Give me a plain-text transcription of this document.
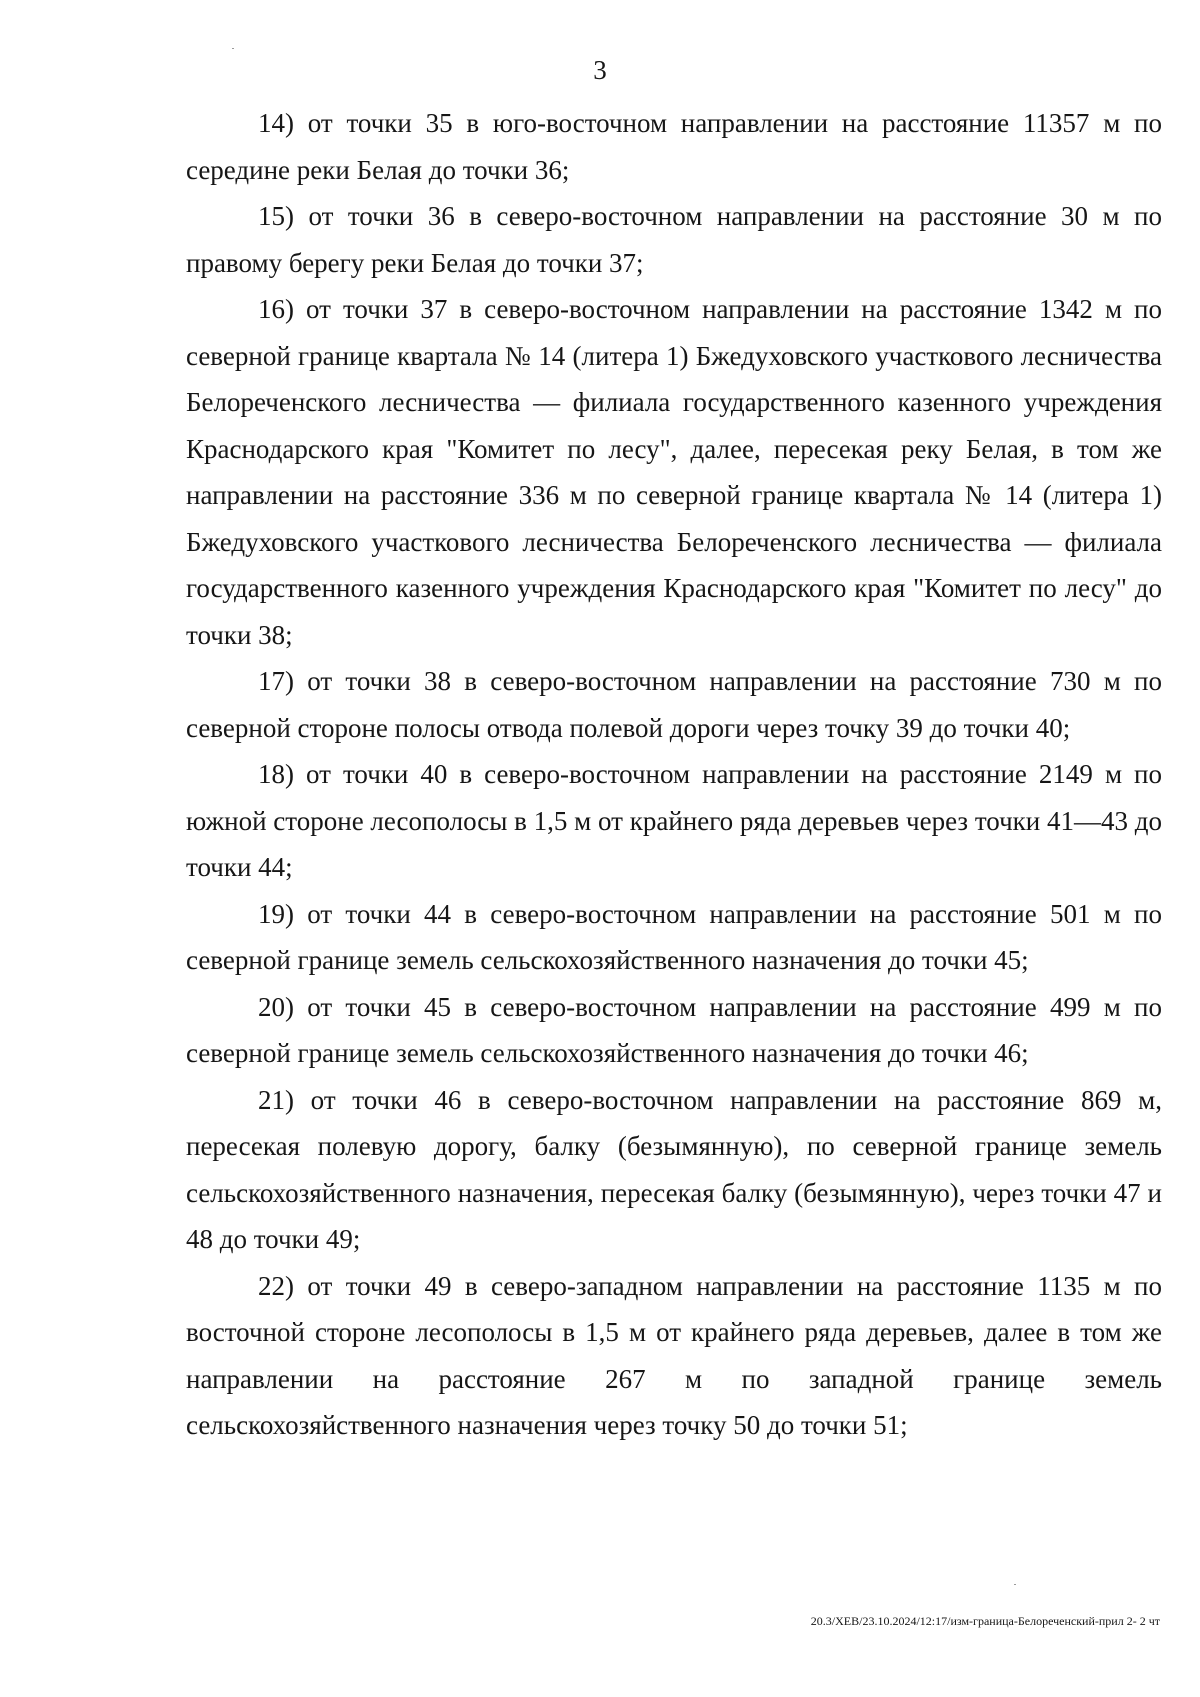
3

14) от точки 35 в юго-восточном направлении на расстояние 11357 м по середине реки Белая до точки 36;

15) от точки 36 в северо-восточном направлении на расстояние 30 м по правому берегу реки Белая до точки 37;

16) от точки 37 в северо-восточном направлении на расстояние 1342 м по северной границе квартала № 14 (литера 1) Бжедуховского участкового лесничества Белореченского лесничества — филиала государственного казенного учреждения Краснодарского края "Комитет по лесу", далее, пересекая реку Белая, в том же направлении на расстояние 336 м по северной границе квартала № 14 (литера 1) Бжедуховского участкового лесничества Белореченского лесничества — филиала государственного казенного учреждения Краснодарского края "Комитет по лесу" до точки 38;

17) от точки 38 в северо-восточном направлении на расстояние 730 м по северной стороне полосы отвода полевой дороги через точку 39 до точки 40;

18) от точки 40 в северо-восточном направлении на расстояние 2149 м по южной стороне лесополосы в 1,5 м от крайнего ряда деревьев через точки 41—43 до точки 44;

19) от точки 44 в северо-восточном направлении на расстояние 501 м по северной границе земель сельскохозяйственного назначения до точки 45;

20) от точки 45 в северо-восточном направлении на расстояние 499 м по северной границе земель сельскохозяйственного назначения до точки 46;

21) от точки 46 в северо-восточном направлении на расстояние 869 м, пересекая полевую дорогу, балку (безымянную), по северной границе земель сельскохозяйственного назначения, пересекая балку (безымянную), через точки 47 и 48 до точки 49;

22) от точки 49 в северо-западном направлении на расстояние 1135 м по восточной стороне лесополосы в 1,5 м от крайнего ряда деревьев, далее в том же направлении на расстояние 267 м по западной границе земель сельскохозяйственного назначения через точку 50 до точки 51;

20.3/ХЕВ/23.10.2024/12:17/изм-граница-Белореченский-прил 2- 2 чт
